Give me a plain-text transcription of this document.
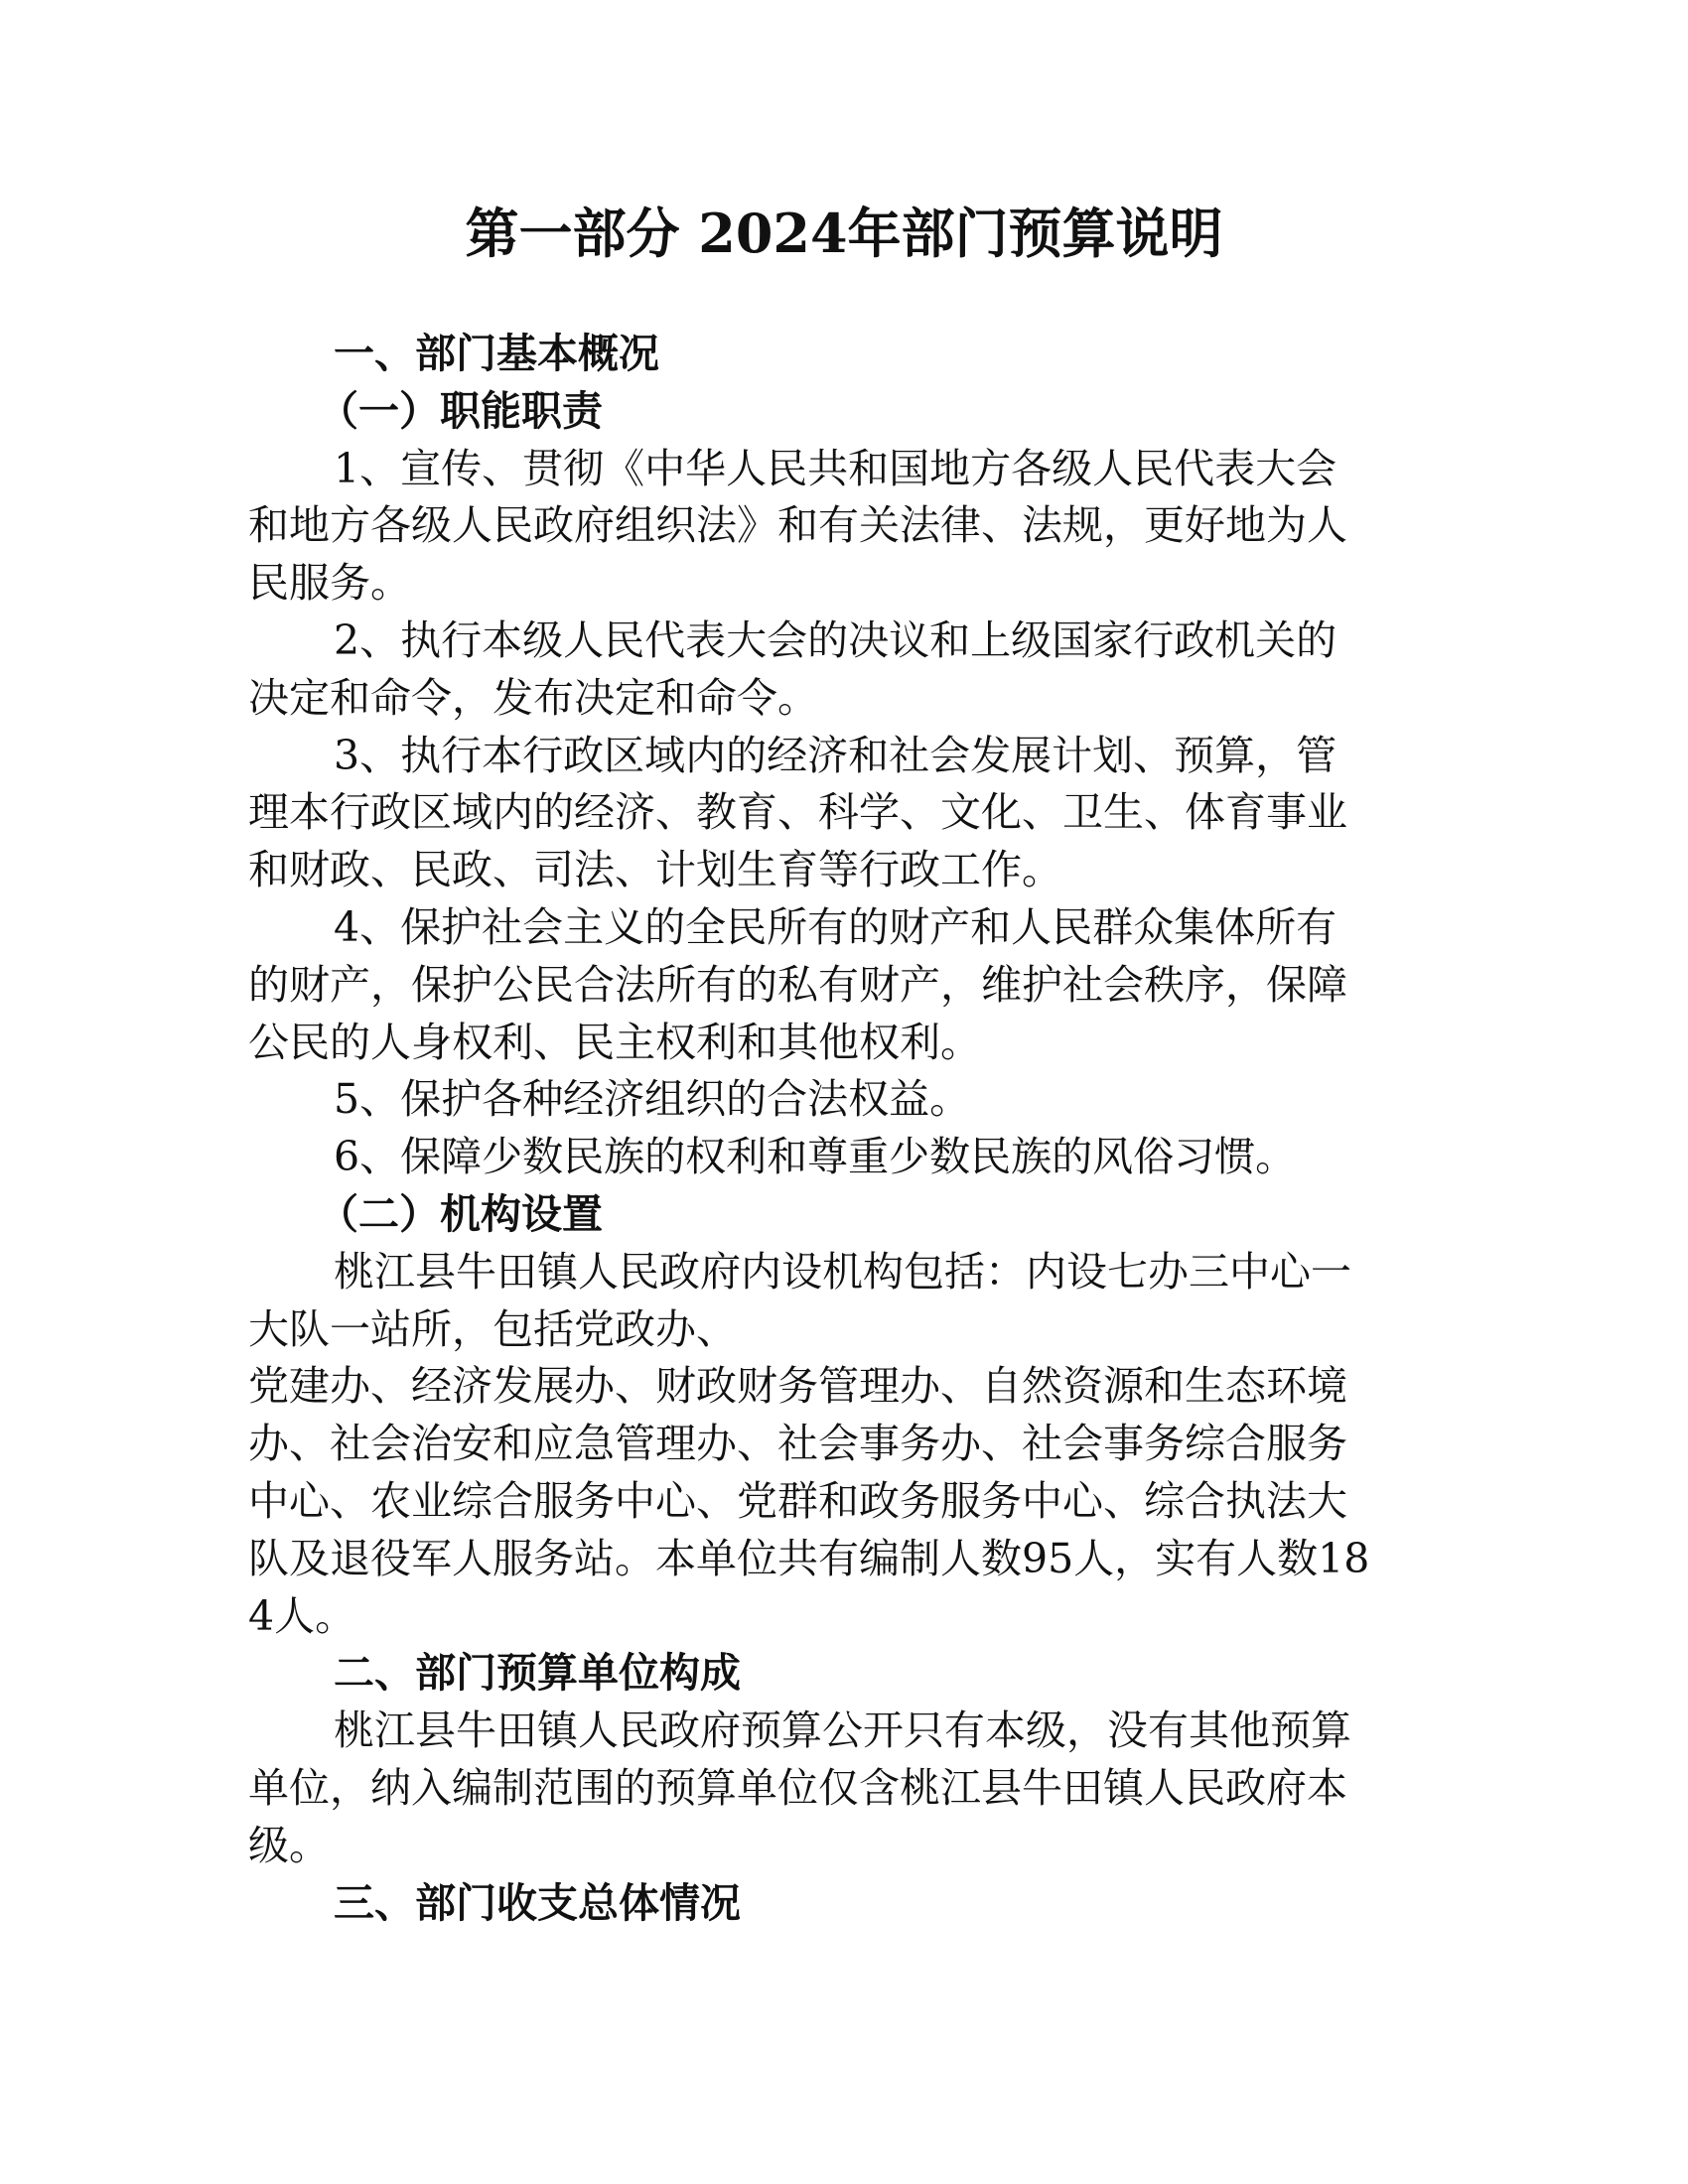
第一部分 2024年部门预算说明
一、部门基本概况
（一）职能职责
1、宣传、贯彻《中华人民共和国地方各级人民代表大会
和地方各级人民政府组织法》和有关法律、法规，更好地为人
民服务。
2、执行本级人民代表大会的决议和上级国家行政机关的
决定和命令，发布决定和命令。
3、执行本行政区域内的经济和社会发展计划、预算，管
理本行政区域内的经济、教育、科学、文化、卫生、体育事业
和财政、民政、司法、计划生育等行政工作。
4、保护社会主义的全民所有的财产和人民群众集体所有
的财产，保护公民合法所有的私有财产，维护社会秩序，保障
公民的人身权利、民主权利和其他权利。
5、保护各种经济组织的合法权益。
6、保障少数民族的权利和尊重少数民族的风俗习惯。
（二）机构设置
桃江县牛田镇人民政府内设机构包括：内设七办三中心一
大队一站所，包括党政办、
党建办、经济发展办、财政财务管理办、自然资源和生态环境
办、社会治安和应急管理办、社会事务办、社会事务综合服务
中心、农业综合服务中心、党群和政务服务中心、综合执法大
队及退役军人服务站。本单位共有编制人数95人，实有人数18
4人。
二、部门预算单位构成
桃江县牛田镇人民政府预算公开只有本级，没有其他预算
单位，纳入编制范围的预算单位仅含桃江县牛田镇人民政府本
级。
三、部门收支总体情况
